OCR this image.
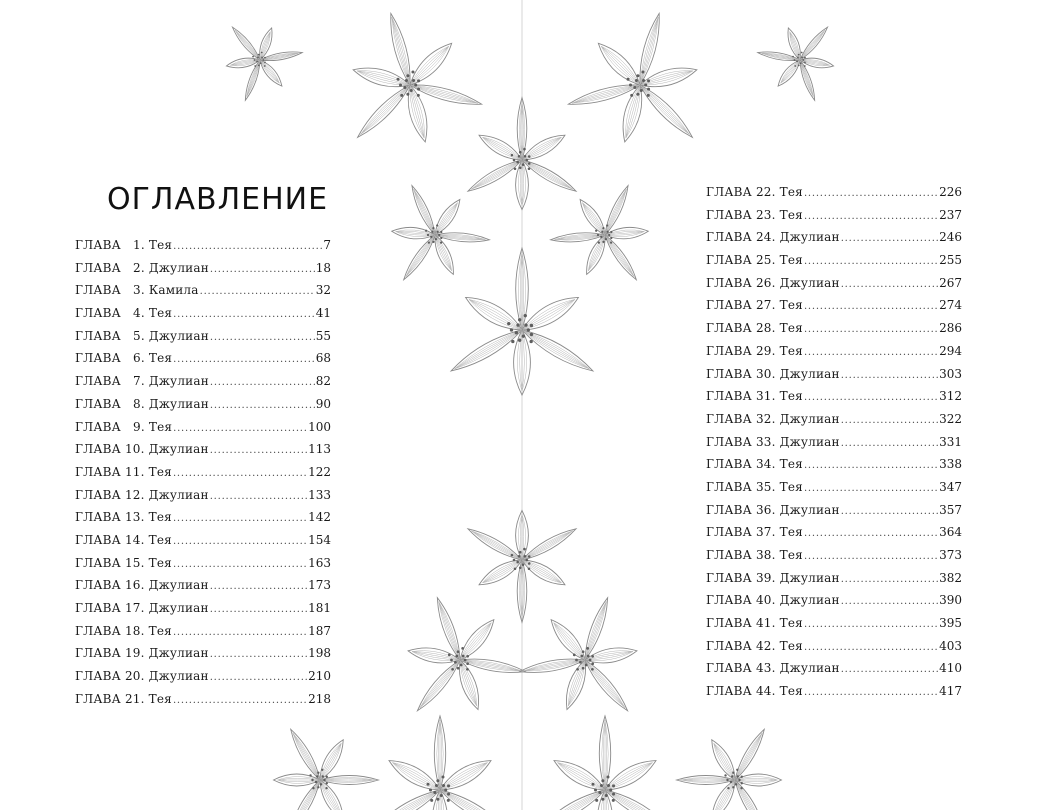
ОГЛАВЛЕНИЕ
ГЛАВА   1. Тея . . .	7
ГЛАВА   2. Джулиан . . .	18
ГЛАВА   3. Камила . . .	32
ГЛАВА   4. Тея . . .	41
ГЛАВА   5. Джулиан . . .	55
ГЛАВА   6. Тея . . .	68
ГЛАВА   7. Джулиан . . .	82
ГЛАВА   8. Джулиан . . .	90
ГЛАВА   9. Тея . . .	100
ГЛАВА 10. Джулиан . . .	113
ГЛАВА 11. Тея . . .	122
ГЛАВА 12. Джулиан . . .	133
ГЛАВА 13. Тея . . .	142
ГЛАВА 14. Тея . . .	154
ГЛАВА 15. Тея . . .	163
ГЛАВА 16. Джулиан . . .	173
ГЛАВА 17. Джулиан . . .	181
ГЛАВА 18. Тея . . .	187
ГЛАВА 19. Джулиан . . .	198
ГЛАВА 20. Джулиан . . .	210
ГЛАВА 21. Тея . . .	218
ГЛАВА 22. Тея . . .	226
ГЛАВА 23. Тея . . .	237
ГЛАВА 24. Джулиан . . .	246
ГЛАВА 25. Тея . . .	255
ГЛАВА 26. Джулиан . . .	267
ГЛАВА 27. Тея . . .	274
ГЛАВА 28. Тея . . .	286
ГЛАВА 29. Тея . . .	294
ГЛАВА 30. Джулиан . . .	303
ГЛАВА 31. Тея . . .	312
ГЛАВА 32. Джулиан . . .	322
ГЛАВА 33. Джулиан . . .	331
ГЛАВА 34. Тея . . .	338
ГЛАВА 35. Тея . . .	347
ГЛАВА 36. Джулиан . . .	357
ГЛАВА 37. Тея . . .	364
ГЛАВА 38. Тея . . .	373
ГЛАВА 39. Джулиан . . .	382
ГЛАВА 40. Джулиан . . .	390
ГЛАВА 41. Тея . . .	395
ГЛАВА 42. Тея . . .	403
ГЛАВА 43. Джулиан . . .	410
ГЛАВА 44. Тея . . .	417
